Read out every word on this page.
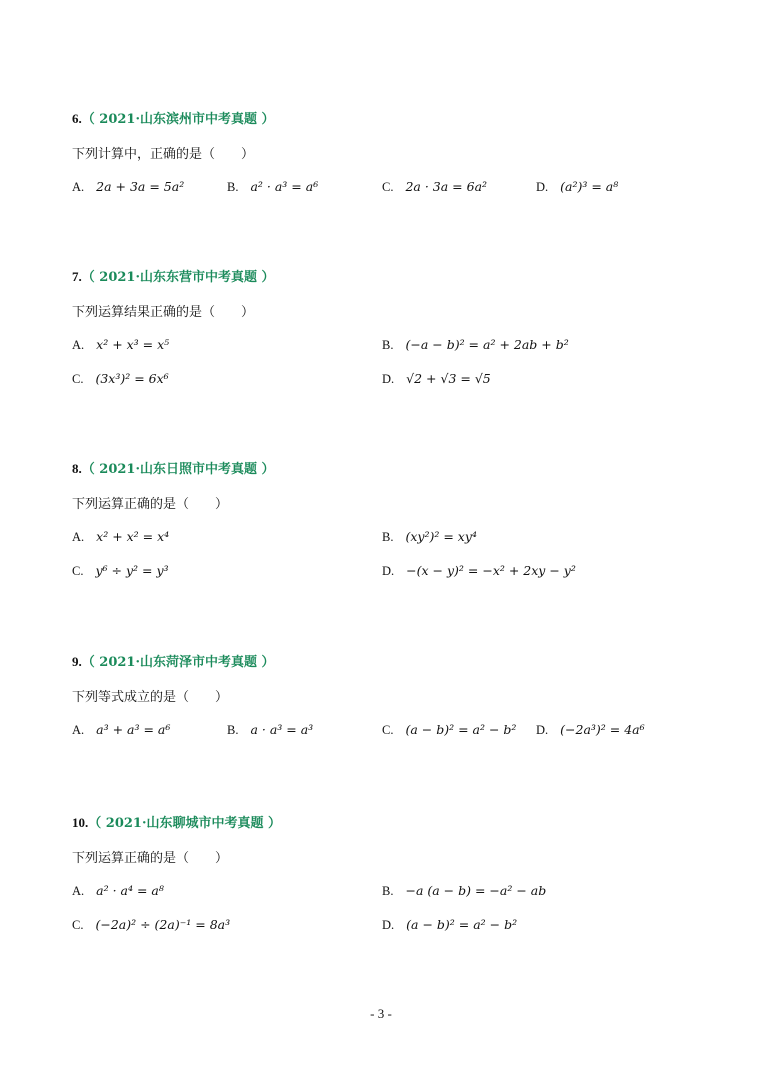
6.（ 2021·山东滨州市中考真题 ）
下列计算中，正确的是（　　）
A. 2a + 3a = 5a²	B. a² · a³ = a⁶	C. 2a · 3a = 6a²	D. (a²)³ = a⁸
7.（ 2021·山东东营市中考真题 ）
下列运算结果正确的是（　　）
A. x² + x³ = x⁵	B. (−a − b)² = a² + 2ab + b²
C. (3x³)² = 6x⁶	D. √2 + √3 = √5
8.（ 2021·山东日照市中考真题 ）
下列运算正确的是（　　）
A. x² + x² = x⁴	B. (xy²)² = xy⁴
C. y⁶ ÷ y² = y³	D. −(x − y)² = −x² + 2xy − y²
9.（ 2021·山东菏泽市中考真题 ）
下列等式成立的是（　　）
A. a³ + a³ = a⁶	B. a · a³ = a³	C. (a − b)² = a² − b² D. (−2a³)² = 4a⁶
10.（ 2021·山东聊城市中考真题 ）
下列运算正确的是（　　）
A. a² · a⁴ = a⁸	B. −a (a − b) = −a² − ab
C. (−2a)² ÷ (2a)⁻¹ = 8a³	D. (a − b)² = a² − b²
- 3 -
